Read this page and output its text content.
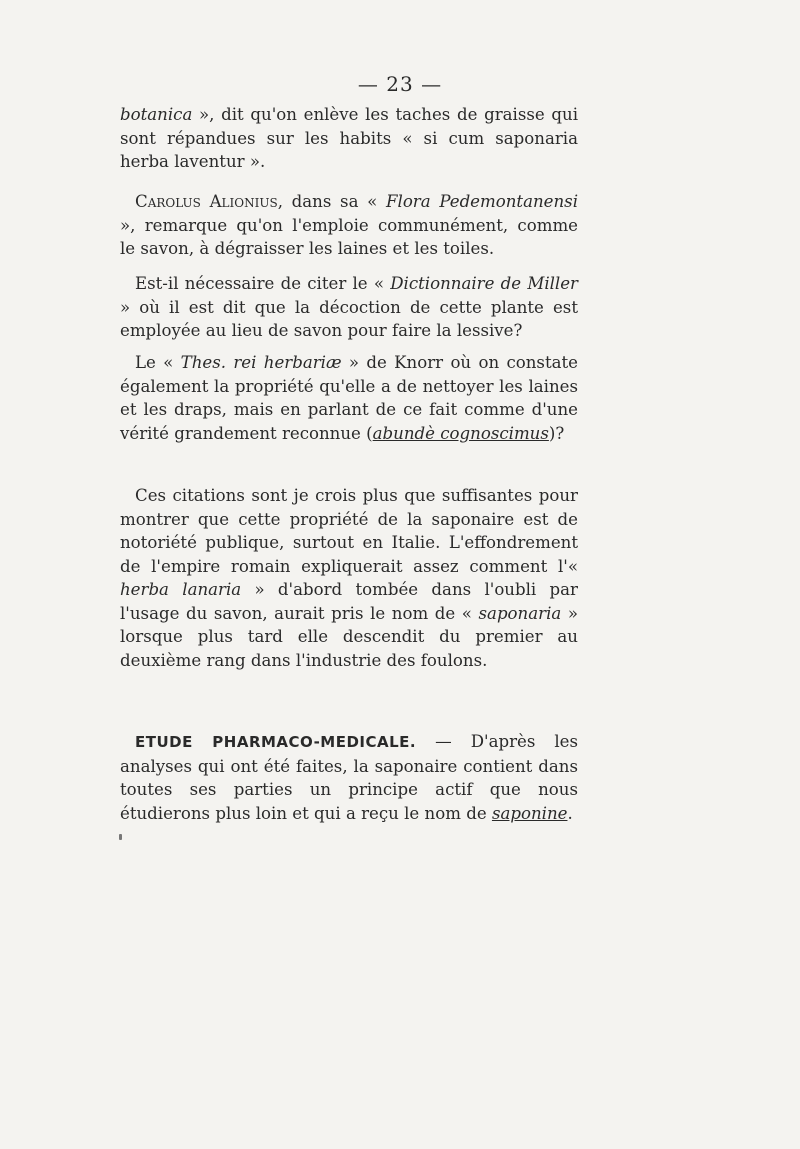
— 23 —

botanica », dit qu'on enlève les taches de graisse qui sont répandues sur les habits « si cum saponaria herba laventur ».

Carolus Alionius, dans sa « Flora Pedemontanensi », remarque qu'on l'emploie communément, comme le savon, à dégraisser les laines et les toiles.

Est-il nécessaire de citer le « Dictionnaire de Miller » où il est dit que la décoction de cette plante est employée au lieu de savon pour faire la lessive?

Le « Thes. rei herbariæ » de Knorr où on constate également la propriété qu'elle a de nettoyer les laines et les draps, mais en parlant de ce fait comme d'une vérité grandement reconnue (abundè cognoscimus)?

Ces citations sont je crois plus que suffisantes pour montrer que cette propriété de la saponaire est de notoriété publique, surtout en Italie. L'effondrement de l'empire romain expliquerait assez comment l'« herba lanaria » d'abord tombée dans l'oubli par l'usage du savon, aurait pris le nom de « saponaria » lorsque plus tard elle descendit du premier au deuxième rang dans l'industrie des foulons.

ETUDE PHARMACO-MEDICALE. — D'après les analyses qui ont été faites, la saponaire contient dans toutes ses parties un principe actif que nous étudierons plus loin et qui a reçu le nom de saponine.
